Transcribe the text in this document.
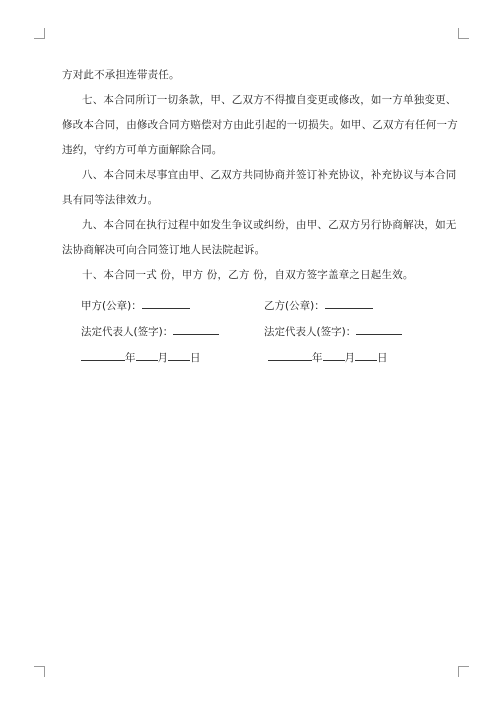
方对此不承担连带责任。
七、本合同所订一切条款，甲、乙双方不得擅自变更或修改，如一方单独变更、
修改本合同，由修改合同方赔偿对方由此引起的一切损失。如甲、乙双方有任何一方
违约，守约方可单方面解除合同。
八、本合同未尽事宜由甲、乙双方共同协商并签订补充协议，补充协议与本合同
具有同等法律效力。
九、本合同在执行过程中如发生争议或纠纷，由甲、乙双方另行协商解决，如无
法协商解决可向合同签订地人民法院起诉。
十、本合同一式 份，甲方 份，乙方 份，自双方签字盖章之日起生效。
甲方(公章)：	乙方(公章)：
法定代表人(签字)：	法定代表人(签字)：
年 月 日	年 月 日
